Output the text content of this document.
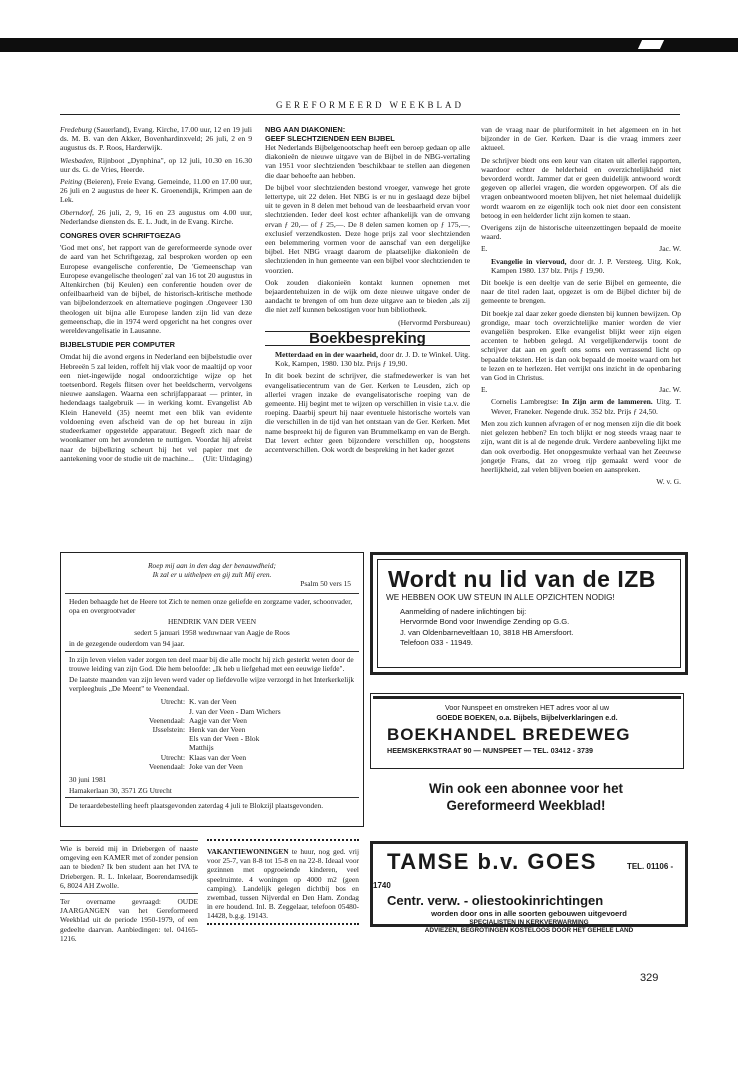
GEREFORMEERD WEEKBLAD

Fredeburg (Sauerland), Evang. Kirche, 17.00 uur, 12 en 19 juli ds. M. B. van den Akker, Bovenhardinxveld; 26 juli, 2 en 9 augustus ds. P. Roos, Harderwijk.

Wiesbaden, Rijnboot „Dynphina", op 12 juli, 10.30 en 16.30 uur ds. G. de Vries, Heerde.

Peiting (Beieren), Freie Evang. Gemeinde, 11.00 en 17.00 uur, 26 juli en 2 augustus de heer K. Groenendijk, Krimpen aan de Lek.

Oberndorf, 26 juli, 2, 9, 16 en 23 augustus om 4.00 uur, Nederlandse diensten ds. E. L. Judt, in de Evang. Kirche.

CONGRES OVER SCHRIFTGEZAG

'God met ons', het rapport van de gereformeerde synode over de aard van het Schriftgezag, zal besproken worden op een Europese evangelische conferentie, De 'Gemeenschap van Europese evangelische theologen' zal van 16 tot 20 augustus in Altenkirchen (bij Keulen) een conferentie houden over de onfeilbaarheid van de bijbel, de historisch-kritische methode van bijbelonderzoek en alternatieve pogingen .Ongeveer 130 theologen uit bijna alle Europese landen zijn lid van deze gemeenschap, die in 1974 werd opgericht na het congres over wereldevangelisatie in Lausanne.

BIJBELSTUDIE PER COMPUTER

Omdat hij die avond ergens in Nederland een bijbelstudie over Hebreeën 5 zal leiden, roffelt hij vlak voor de maaltijd op voor een niet-ingewijde nogal ondoorzichtige wijze op het toetsenbord. Regels flitsen over het beeldscherm, vervolgens nieuwe aanslagen. Waarna een schrijfapparaat — printer, in hedendaags taalgebruik — in werking komt. Evangelist Ab Klein Haneveld (35) neemt met een blik van evidente voldoening even afscheid van de op het bureau in zijn studeerkamer opgestelde apparatuur. Begeeft zich naar de woonkamer om het avondeten te nuttigen. Voordat hij afreist naar de bijbelkring scheurt hij het vel papier met de aantekening voor de studie uit de machine... (Uit: Uitdaging)

NBG AAN DIAKONIEN:

GEEF SLECHTZIENDEN EEN BIJBEL

Het Nederlands Bijbelgenootschap heeft een beroep gedaan op alle diakonieën de nieuwe uitgave van de Bijbel in de NBG-vertaling van 1951 voor slechtzienden 'beschikbaar te stellen aan diegenen die daar behoefte aan hebben.

De bijbel voor slechtzienden bestond vroeger, vanwege het grote lettertype, uit 22 delen. Het NBG is er nu in geslaagd deze bijbel uit te geven in 8 delen met behoud van de leesbaarheid ervan voor slechtzienden. Ieder deel kost echter afhankelijk van de omvang ervan ƒ 20,— of ƒ 25,—. De 8 delen samen komen op ƒ 175,—, exclusief verzendkosten. Deze hoge prijs zal voor slechtzienden een belemmering vormen voor de aanschaf van een dergelijke bijbel. Het NBG vraagt daarom de plaatselijke diakonieën de slechtzienden in hun gemeente van een bijbel voor slechtzienden te voorzien.

Ook zouden diakonieën kontakt kunnen opnemen met bejaardentehuizen in de wijk om deze nieuwe uitgave onder de aandacht te brengen of om hun deze uitgave aan te bieden ,als zij die niet zelf kunnen bekostigen voor hun bibliotheek.

(Hervormd Persbureau)

Boekbespreking

Metterdaad en in der waarheid, door dr. J. D. te Winkel. Uitg. Kok, Kampen, 1980. 130 blz. Prijs ƒ 19,90.

In dit boek bezint de schrijver, die stafmedewerker is van het evangelisatiecentrum van de Ger. Kerken te Leusden, zich op allerlei vragen inzake de evangelisatorische roeping van de gemeente. Hij begint met te wijzen op verschillen in visie t.a.v. die roeping. Daarbij speurt hij naar eventuele historische wortels van die verschillen in de tijd van het ontstaan van de Ger. Kerken. Met name bespreekt hij de figuren van Brummelkamp en van de Bergh. Dat levert echter geen bijzondere verschillen op, hoogstens accentverschillen. Ook wordt de bespreking in het kader gezet

van de vraag naar de pluriformiteit in het algemeen en in het bijzonder in de Ger. Kerken. Daar is die vraag immers zeer aktueel.

De schrijver biedt ons een keur van citaten uit allerlei rapporten, waardoor echter de helderheid en overzichtelijkheid niet bevorderd wordt. Jammer dat er geen duidelijk antwoord wordt gegeven op allerlei vragen, die worden opgeworpen. Of als die vragen onbeantwoord moeten blijven, het niet helemaal duidelijk wordt waarom en ze eigenlijk toch ook niet door een consistent betoog in een helderder licht zijn komen te staan.

Overigens zijn de historische uiteenzettingen bepaald de moeite waard.

E.	Jac. W.

Evangelie in viervoud, door dr. J. P. Versteeg. Uitg. Kok, Kampen 1980. 137 blz. Prijs ƒ 19,90.

Dit boekje is een deeltje van de serie Bijbel en gemeente, die naar de titel raden laat, opgezet is om de Bijbel dichter bij de gemeente te brengen.

Dit boekje zal daar zeker goede diensten bij kunnen bewijzen. Op grondige, maar toch overzichtelijke manier worden de vier evangeliën besproken. Elke evangelist blijkt weer zijn eigen accenten te hebben gelegd. Al vergelijkenderwijs toont de schrijver dat aan en geeft ons soms een verrassend licht op bepaalde teksten. Het is dan ook bepaald de moeite waard om het te lezen en te herlezen. Het verrijkt ons inzicht in de openbaring van God in Christus.

E.	Jac. W.

Cornelis Lambregtse: In Zijn arm de lammeren. Uitg. T. Wever, Franeker. Negende druk. 352 blz. Prijs ƒ 24,50.

Men zou zich kunnen afvragen of er nog mensen zijn die dit boek niet gelezen hebben? En toch blijkt er nog steeds vraag naar te zijn, want dit is al de negende druk. Verdere aanbeveling lijkt me dan ook overbodig. Het onopgesmukte verhaal van het Zeeuwse jongetje Frans, dat zo vroeg rijp gemaakt werd voor de heerlijkheid, zal velen blijven boeien en aanspreken.

W. v. G.

Roep mij aan in den dag der benauwdheid;
Ik zal er u uithelpen en gij zult Mij eren.
Psalm 50 vers 15

Heden behaagde het de Heere tot Zich te nemen onze geliefde en zorgzame vader, schoonvader, opa en overgrootvader

HENDRIK VAN DER VEEN

sedert 5 januari 1958 weduwnaar van Aagje de Roos

in de gezegende ouderdom van 94 jaar.

In zijn leven vielen vader zorgen ten deel maar bij die alle mocht hij zich gesterkt weten door de trouwe leiding van zijn God. Die hem beloofde: „Ik heb u liefgehad met een eeuwige liefde".

De laatste maanden van zijn leven werd vader op liefdevolle wijze verzorgd in het Interkerkelijk verpleeghuis „De Meent" te Veenendaal.

Utrecht: K. van der Veen
J. van der Veen - Dam Wichers
Veenendaal: Aagje van der Veen
IJsselstein: Henk van der Veen
Els van der Veen - Blok
Matthijs
Utrecht: Klaas van der Veen
Veenendaal: Joke van der Veen

30 juni 1981

Hamakerlaan 30, 3571 ZG Utrecht

De teraardebestelling heeft plaatsgevonden zaterdag 4 juli te Blokzijl plaatsgevonden.

Wordt nu lid van de IZB
WE HEBBEN OOK UW STEUN IN ALLE OPZICHTEN NODIG!
Aanmelding of nadere inlichtingen bij:
Hervormde Bond voor Inwendige Zending op G.G.
J. van Oldenbarneveltlaan 10, 3818 HB Amersfoort.
Telefoon 033 - 11949.
Voor Nunspeet en omstreken HET adres voor al uw
GOEDE BOEKEN, o.a. Bijbels, Bijbelverklaringen e.d.
BOEKHANDEL BREDEWEG
HEEMSKERKSTRAAT 90 — NUNSPEET — TEL. 03412 - 3739
Win ook een abonnee voor het
Gereformeerd Weekblad!

Wie is bereid mij in Driebergen of naaste omgeving een KAMER met of zonder pension aan te bieden? Ik ben student aan het IVA te Driebergen. R. L. Inkelaar, Boerendamsedijk 6, 8024 AH Zwolle.

Ter overname gevraagd: OUDE JAARGANGEN van het Gereformeerd Weekblad uit de periode 1950-1979, of een gedeelte daarvan. Aanbiedingen: tel. 04165-1216.

VAKANTIEWONINGEN te huur, nog ged. vrij voor 25-7, van 8-8 tot 15-8 en na 22-8. Ideaal voor gezinnen met opgroeiende kinderen, veel speelruimte. 4 woningen op 4000 m2 (geen camping). Landelijk gelegen dichtbij bos en zwembad, tussen Nijverdal en Den Ham. Zondag in ere houdend. Inl. B. Zeggelaar, telefoon 05480-14428, b.g.g. 19143.

TAMSE b.v. GOES	TEL. 01106 - 1740
Centr. verw. - oliestookinrichtingen
worden door ons in alle soorten gebouwen uitgevoerd
SPECIALISTEN IN KERKVERWARMING
ADVIEZEN, BEGROTINGEN KOSTELOOS DOOR HET GEHELE LAND
329
